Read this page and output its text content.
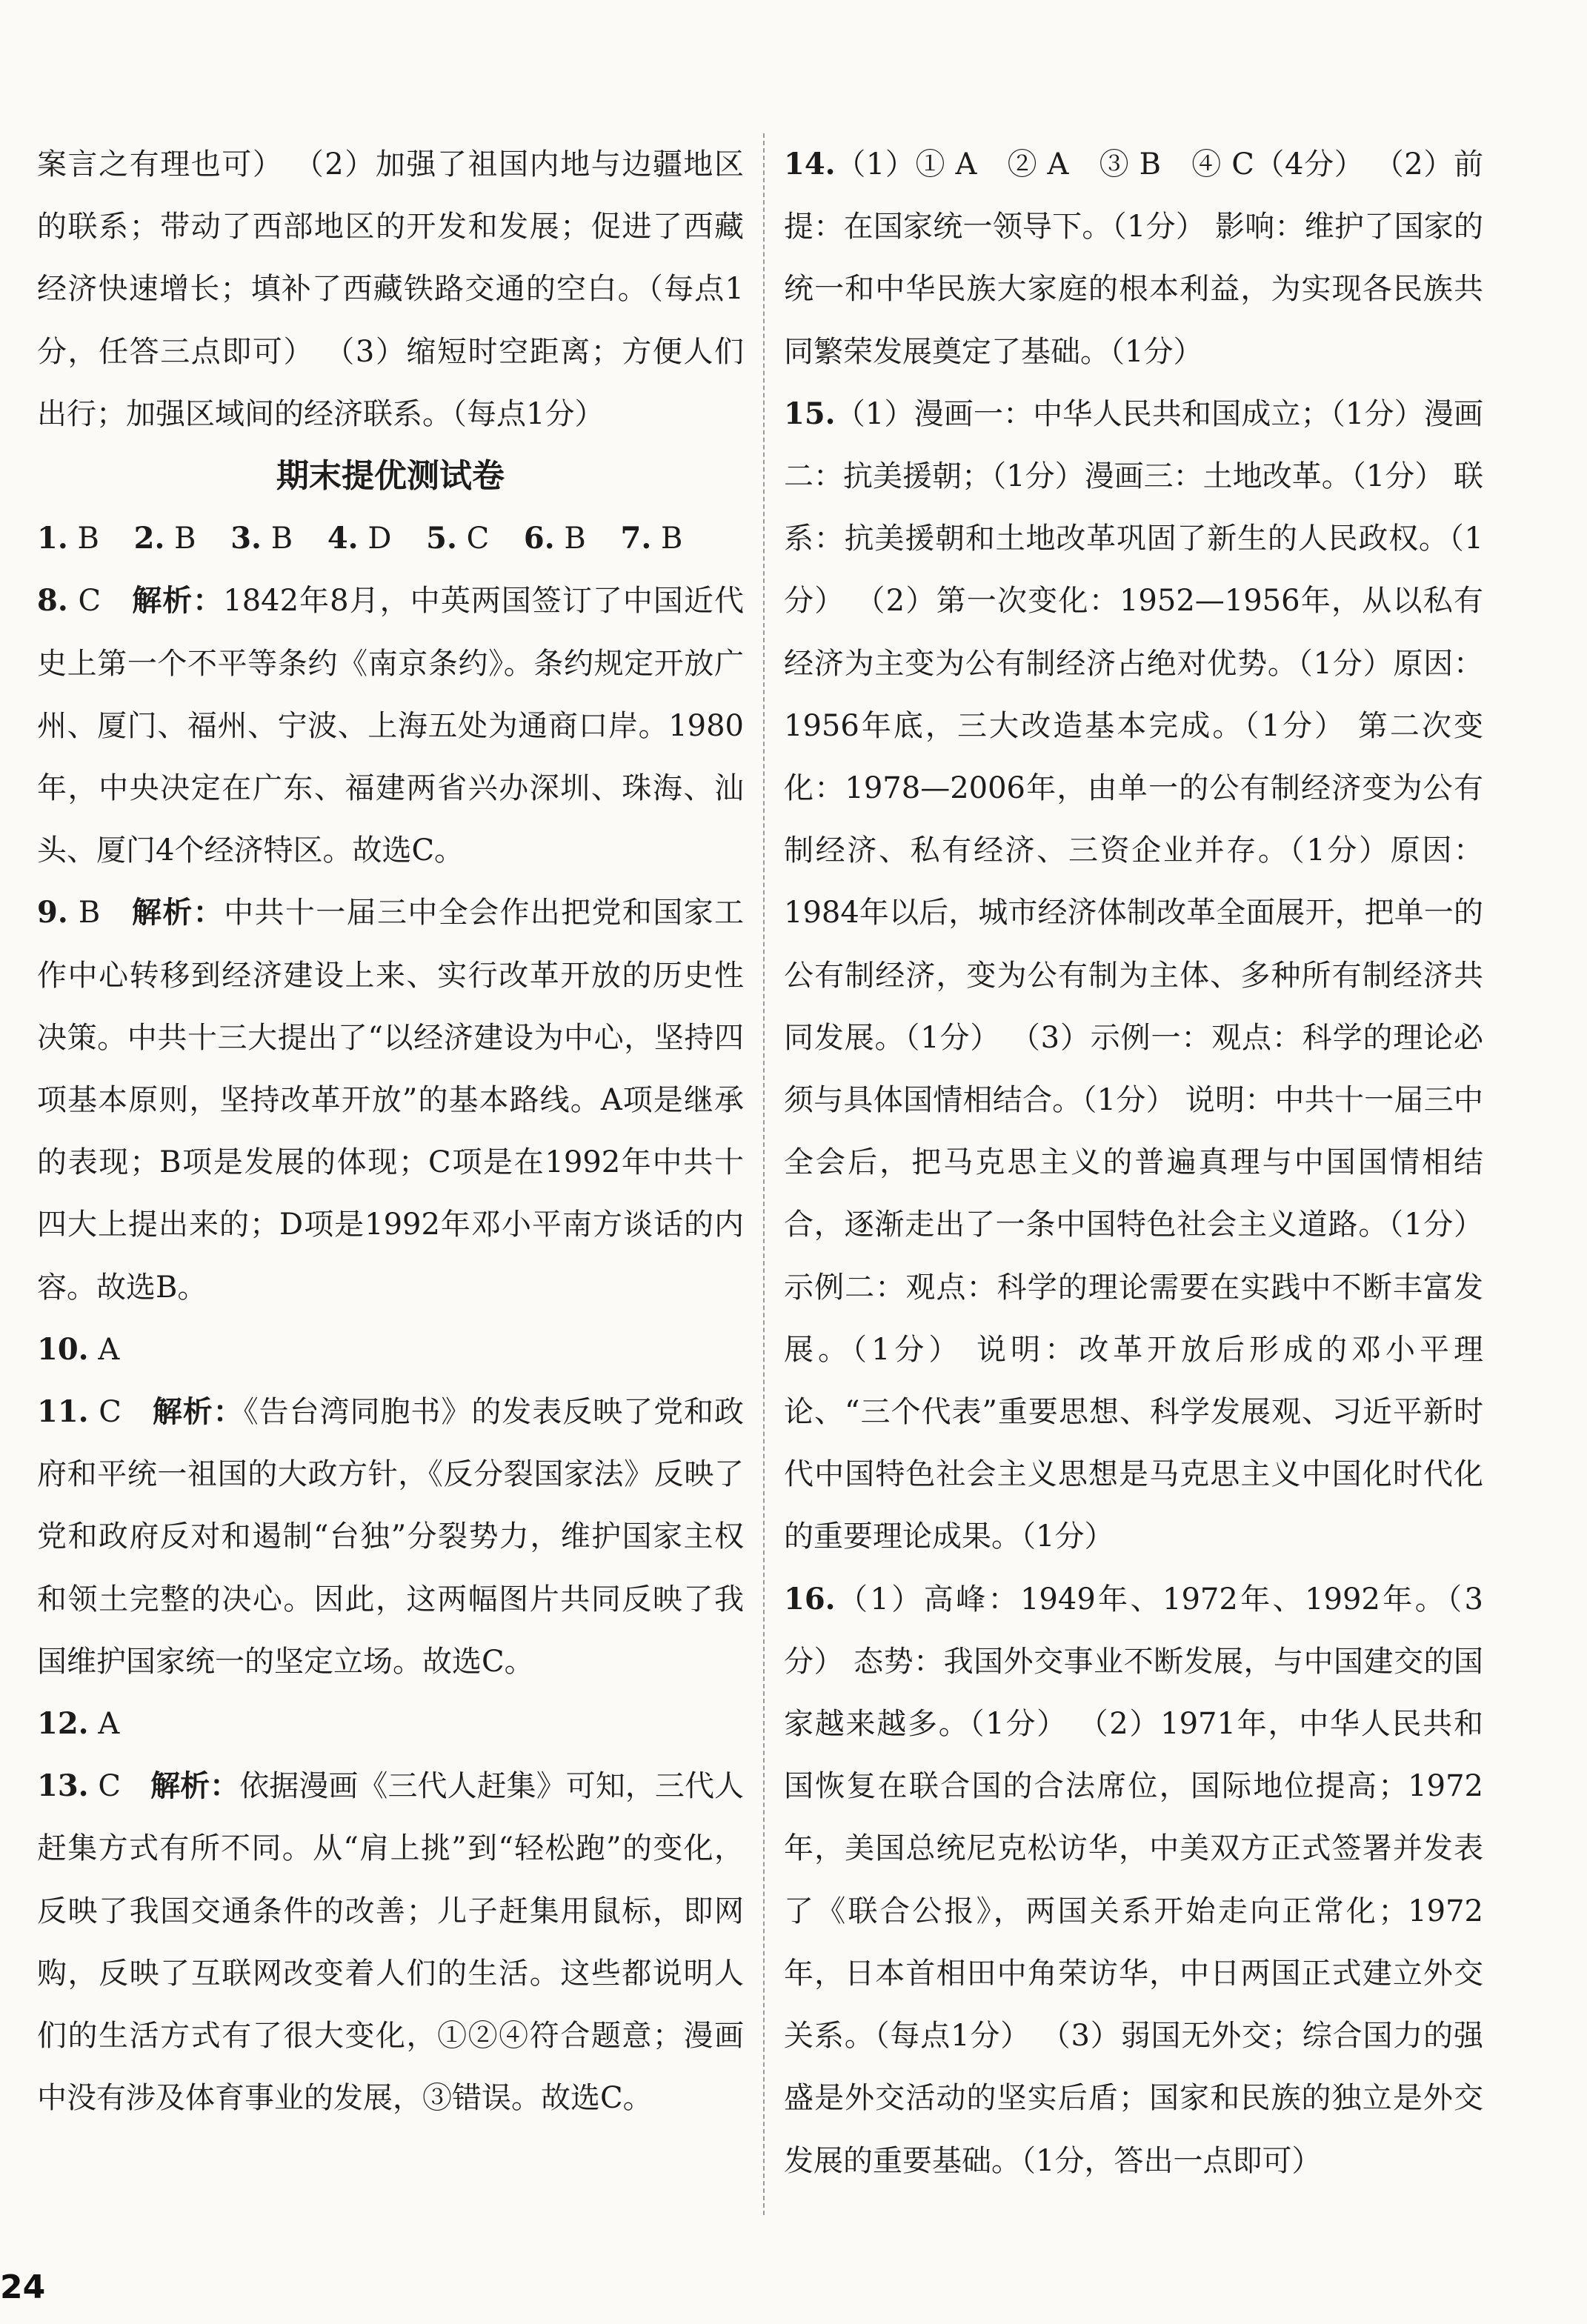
案言之有理也可） （2）加强了祖国内地与边疆地区的联系；带动了西部地区的开发和发展；促进了西藏经济快速增长；填补了西藏铁路交通的空白。（每点1分，任答三点即可） （3）缩短时空距离；方便人们出行；加强区域间的经济联系。（每点1分）

期末提优测试卷

1. B 2. B 3. B 4. D 5. C 6. B 7. B

8. C　 解析：1842年8月，中英两国签订了中国近代史上第一个不平等条约《南京条约》。条约规定开放广州、厦门、福州、宁波、上海五处为通商口岸。1980年，中央决定在广东、福建两省兴办深圳、珠海、汕头、厦门4个经济特区。故选C。

9. B　 解析：中共十一届三中全会作出把党和国家工作中心转移到经济建设上来、实行改革开放的历史性决策。中共十三大提出了“以经济建设为中心，坚持四项基本原则，坚持改革开放”的基本路线。A项是继承的表现；B项是发展的体现；C项是在1992年中共十四大上提出来的；D项是1992年邓小平南方谈话的内容。故选B。

10. A

11. C　 解析：《告台湾同胞书》的发表反映了党和政府和平统一祖国的大政方针，《反分裂国家法》反映了党和政府反对和遏制“台独”分裂势力，维护国家主权和领土完整的决心。因此，这两幅图片共同反映了我国维护国家统一的坚定立场。故选C。

12. A

13. C　 解析：依据漫画《三代人赶集》可知，三代人赶集方式有所不同。从“肩上挑”到“轻松跑”的变化，反映了我国交通条件的改善；儿子赶集用鼠标，即网购，反映了互联网改变着人们的生活。这些都说明人们的生活方式有了很大变化，①②④符合题意；漫画中没有涉及体育事业的发展，③错误。故选C。

14.（1）① A　② A　③ B　④ C（4分） （2）前提：在国家统一领导下。（1分） 影响：维护了国家的统一和中华民族大家庭的根本利益，为实现各民族共同繁荣发展奠定了基础。（1分）

15.（1）漫画一：中华人民共和国成立；（1分）漫画二：抗美援朝；（1分）漫画三：土地改革。（1分） 联系：抗美援朝和土地改革巩固了新生的人民政权。（1分） （2）第一次变化：1952—1956年，从以私有经济为主变为公有制经济占绝对优势。（1分）原因：1956年底，三大改造基本完成。（1分） 第二次变化：1978—2006年，由单一的公有制经济变为公有制经济、私有经济、三资企业并存。（1分）原因：1984年以后，城市经济体制改革全面展开，把单一的公有制经济，变为公有制为主体、多种所有制经济共同发展。（1分） （3）示例一：观点：科学的理论必须与具体国情相结合。（1分） 说明：中共十一届三中全会后，把马克思主义的普遍真理与中国国情相结合，逐渐走出了一条中国特色社会主义道路。（1分） 示例二：观点：科学的理论需要在实践中不断丰富发展。（1分） 说明：改革开放后形成的邓小平理论、“三个代表”重要思想、科学发展观、习近平新时代中国特色社会主义思想是马克思主义中国化时代化的重要理论成果。（1分）

16.（1）高峰：1949年、1972年、1992年。（3分） 态势：我国外交事业不断发展，与中国建交的国家越来越多。（1分） （2）1971年，中华人民共和国恢复在联合国的合法席位，国际地位提高；1972年，美国总统尼克松访华，中美双方正式签署并发表了《联合公报》，两国关系开始走向正常化；1972年，日本首相田中角荣访华，中日两国正式建立外交关系。（每点1分） （3）弱国无外交；综合国力的强盛是外交活动的坚实后盾；国家和民族的独立是外交发展的重要基础。（1分，答出一点即可）

24
